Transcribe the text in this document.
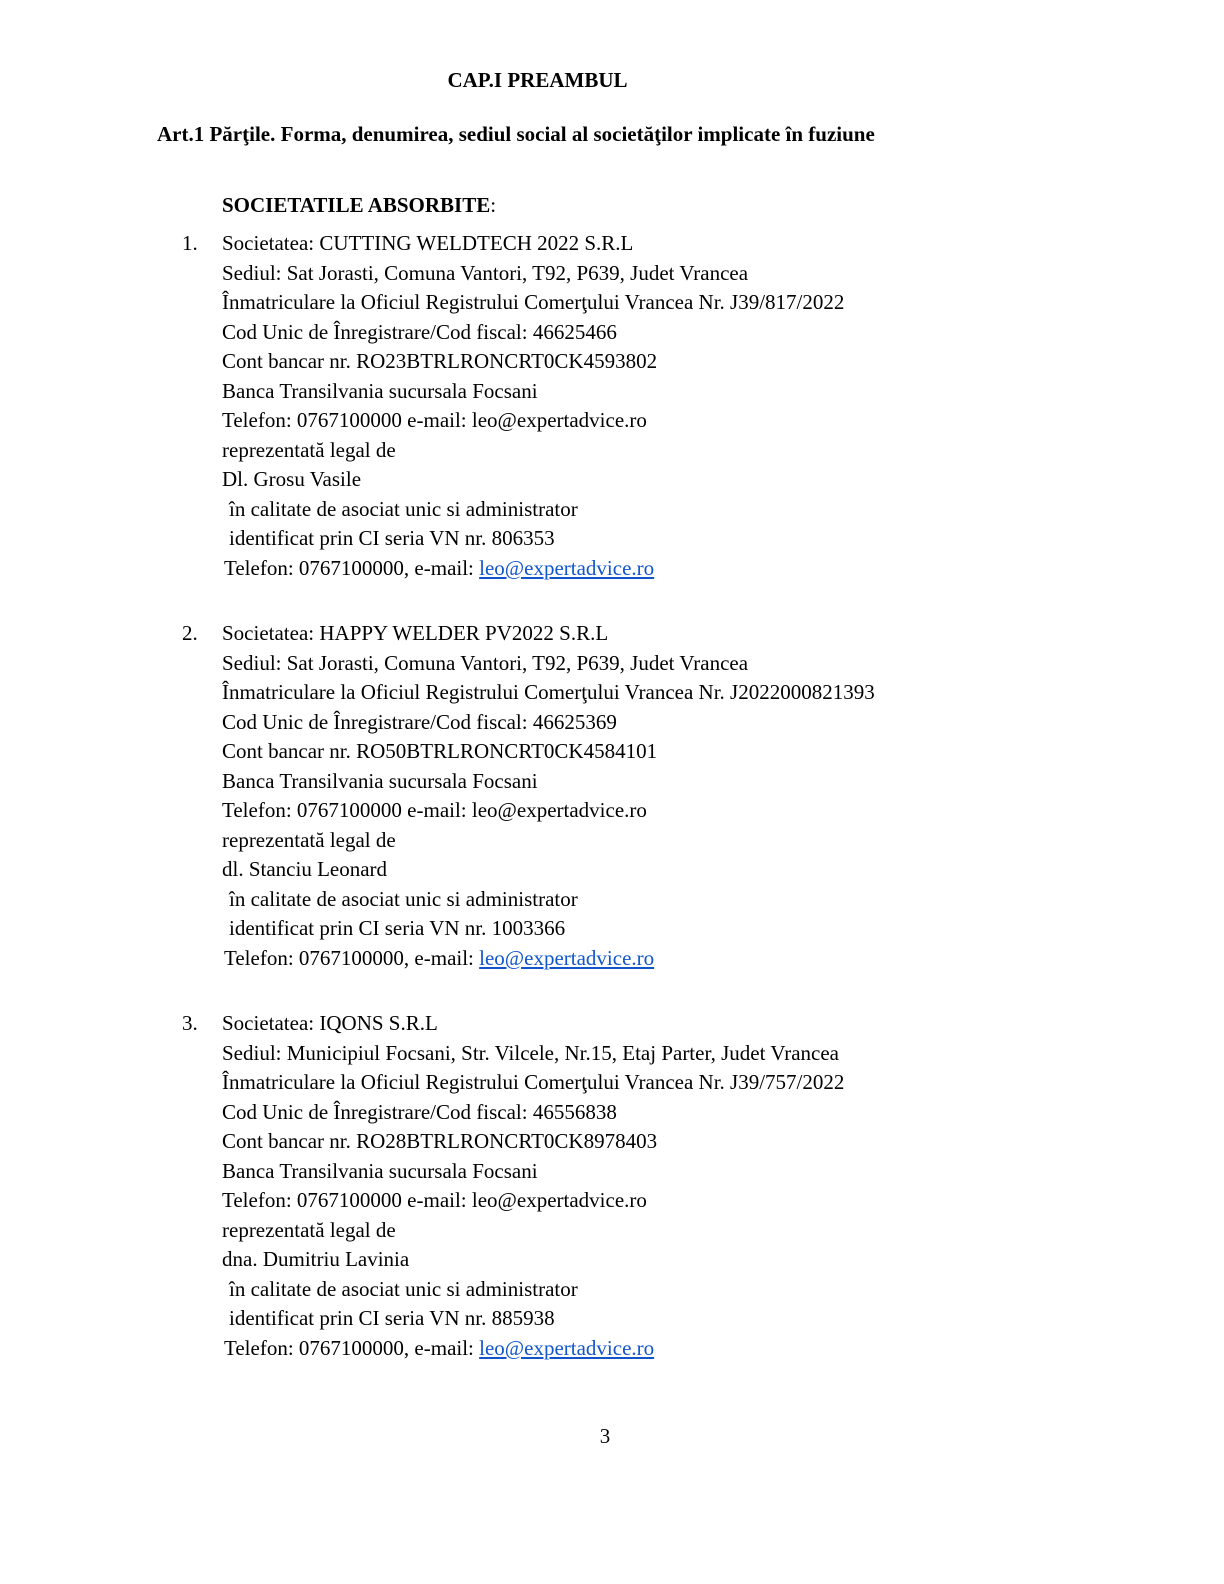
CAP.I PREAMBUL
Art.1 Părţile. Forma, denumirea, sediul social al societăţilor implicate în fuziune
SOCIETATILE ABSORBITE:
1. Societatea: CUTTING WELDTECH 2022 S.R.L
Sediul: Sat Jorasti, Comuna Vantori, T92, P639, Judet Vrancea
Înmatriculare la Oficiul Registrului Comerţului Vrancea Nr. J39/817/2022
Cod Unic de Înregistrare/Cod fiscal: 46625466
Cont bancar nr. RO23BTRLRONCRT0CK4593802
Banca Transilvania sucursala Focsani
Telefon: 0767100000 e-mail: leo@expertadvice.ro
reprezentată legal de
Dl. Grosu Vasile
în calitate de asociat unic si administrator
identificat prin CI seria VN nr. 806353
Telefon: 0767100000, e-mail: leo@expertadvice.ro
2. Societatea: HAPPY WELDER PV2022 S.R.L
Sediul: Sat Jorasti, Comuna Vantori, T92, P639, Judet Vrancea
Înmatriculare la Oficiul Registrului Comerţului Vrancea Nr. J2022000821393
Cod Unic de Înregistrare/Cod fiscal: 46625369
Cont bancar nr. RO50BTRLRONCRT0CK4584101
Banca Transilvania sucursala Focsani
Telefon: 0767100000 e-mail: leo@expertadvice.ro
reprezentată legal de
dl. Stanciu Leonard
în calitate de asociat unic si administrator
identificat prin CI seria VN nr. 1003366
Telefon: 0767100000, e-mail: leo@expertadvice.ro
3. Societatea: IQONS S.R.L
Sediul: Municipiul Focsani, Str. Vilcele, Nr.15, Etaj Parter, Judet Vrancea
Înmatriculare la Oficiul Registrului Comerţului Vrancea Nr. J39/757/2022
Cod Unic de Înregistrare/Cod fiscal: 46556838
Cont bancar nr. RO28BTRLRONCRT0CK8978403
Banca Transilvania sucursala Focsani
Telefon: 0767100000 e-mail: leo@expertadvice.ro
reprezentată legal de
dna. Dumitriu Lavinia
în calitate de asociat unic si administrator
identificat prin CI seria VN nr. 885938
Telefon: 0767100000, e-mail: leo@expertadvice.ro
3
